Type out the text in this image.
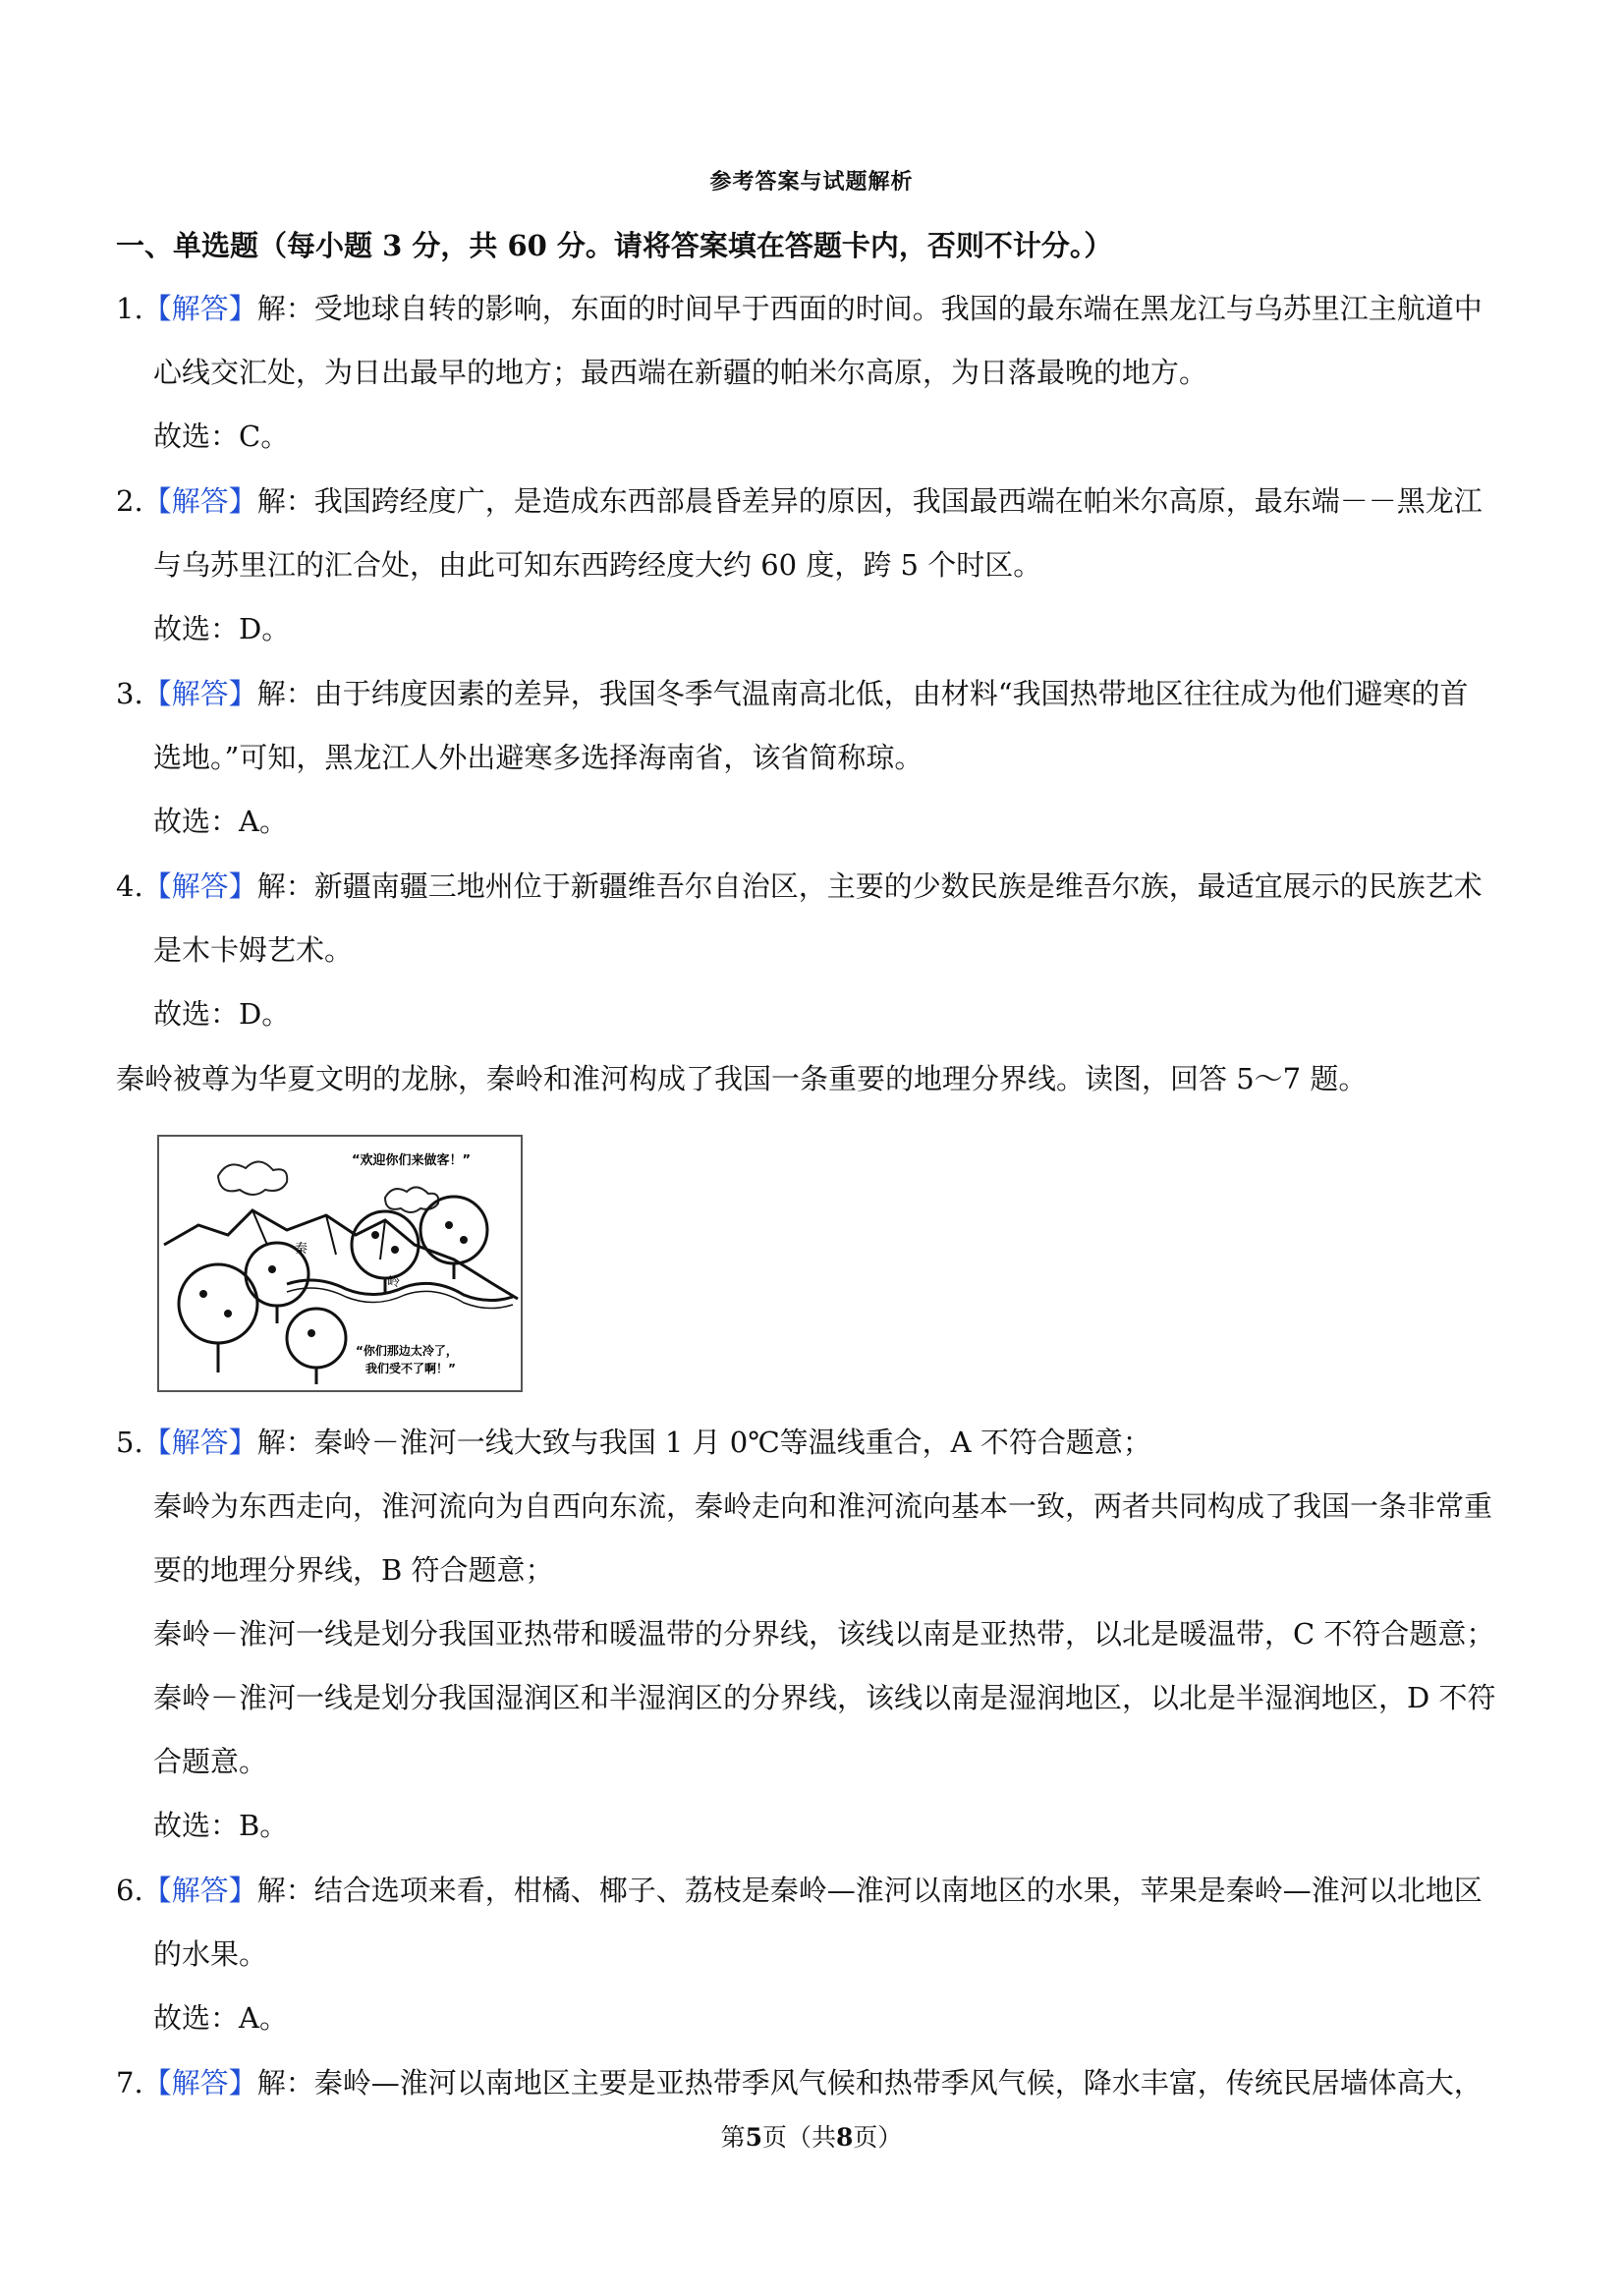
参考答案与试题解析
一、单选题（每小题 3 分，共 60 分。请将答案填在答题卡内，否则不计分。）
1.【解答】解：受地球自转的影响，东面的时间早于西面的时间。我国的最东端在黑龙江与乌苏里江主航道中
心线交汇处，为日出最早的地方；最西端在新疆的帕米尔高原，为日落最晚的地方。
故选：C。
2.【解答】解：我国跨经度广，是造成东西部晨昏差异的原因，我国最西端在帕米尔高原，最东端－－黑龙江
与乌苏里江的汇合处，由此可知东西跨经度大约 60 度，跨 5 个时区。
故选：D。
3.【解答】解：由于纬度因素的差异，我国冬季气温南高北低，由材料“我国热带地区往往成为他们避寒的首
选地。”可知，黑龙江人外出避寒多选择海南省，该省简称琼。
故选：A。
4.【解答】解：新疆南疆三地州位于新疆维吾尔自治区，主要的少数民族是维吾尔族，最适宜展示的民族艺术
是木卡姆艺术。
故选：D。
秦岭被尊为华夏文明的龙脉，秦岭和淮河构成了我国一条重要的地理分界线。读图，回答 5～7 题。
5.【解答】解：秦岭－淮河一线大致与我国 1 月 0℃等温线重合，A 不符合题意；
秦岭为东西走向，淮河流向为自西向东流，秦岭走向和淮河流向基本一致，两者共同构成了我国一条非常重
要的地理分界线，B 符合题意；
秦岭－淮河一线是划分我国亚热带和暖温带的分界线，该线以南是亚热带，以北是暖温带，C 不符合题意；
秦岭－淮河一线是划分我国湿润区和半湿润区的分界线，该线以南是湿润地区，以北是半湿润地区，D 不符
合题意。
故选：B。
6.【解答】解：结合选项来看，柑橘、椰子、荔枝是秦岭—淮河以南地区的水果，苹果是秦岭—淮河以北地区
的水果。
故选：A。
7.【解答】解：秦岭—淮河以南地区主要是亚热带季风气候和热带季风气候，降水丰富，传统民居墙体高大，
“欢迎你们来做客！”
“你们那边太冷了，
我们受不了啊！”
秦
岭
第5页（共8页）
